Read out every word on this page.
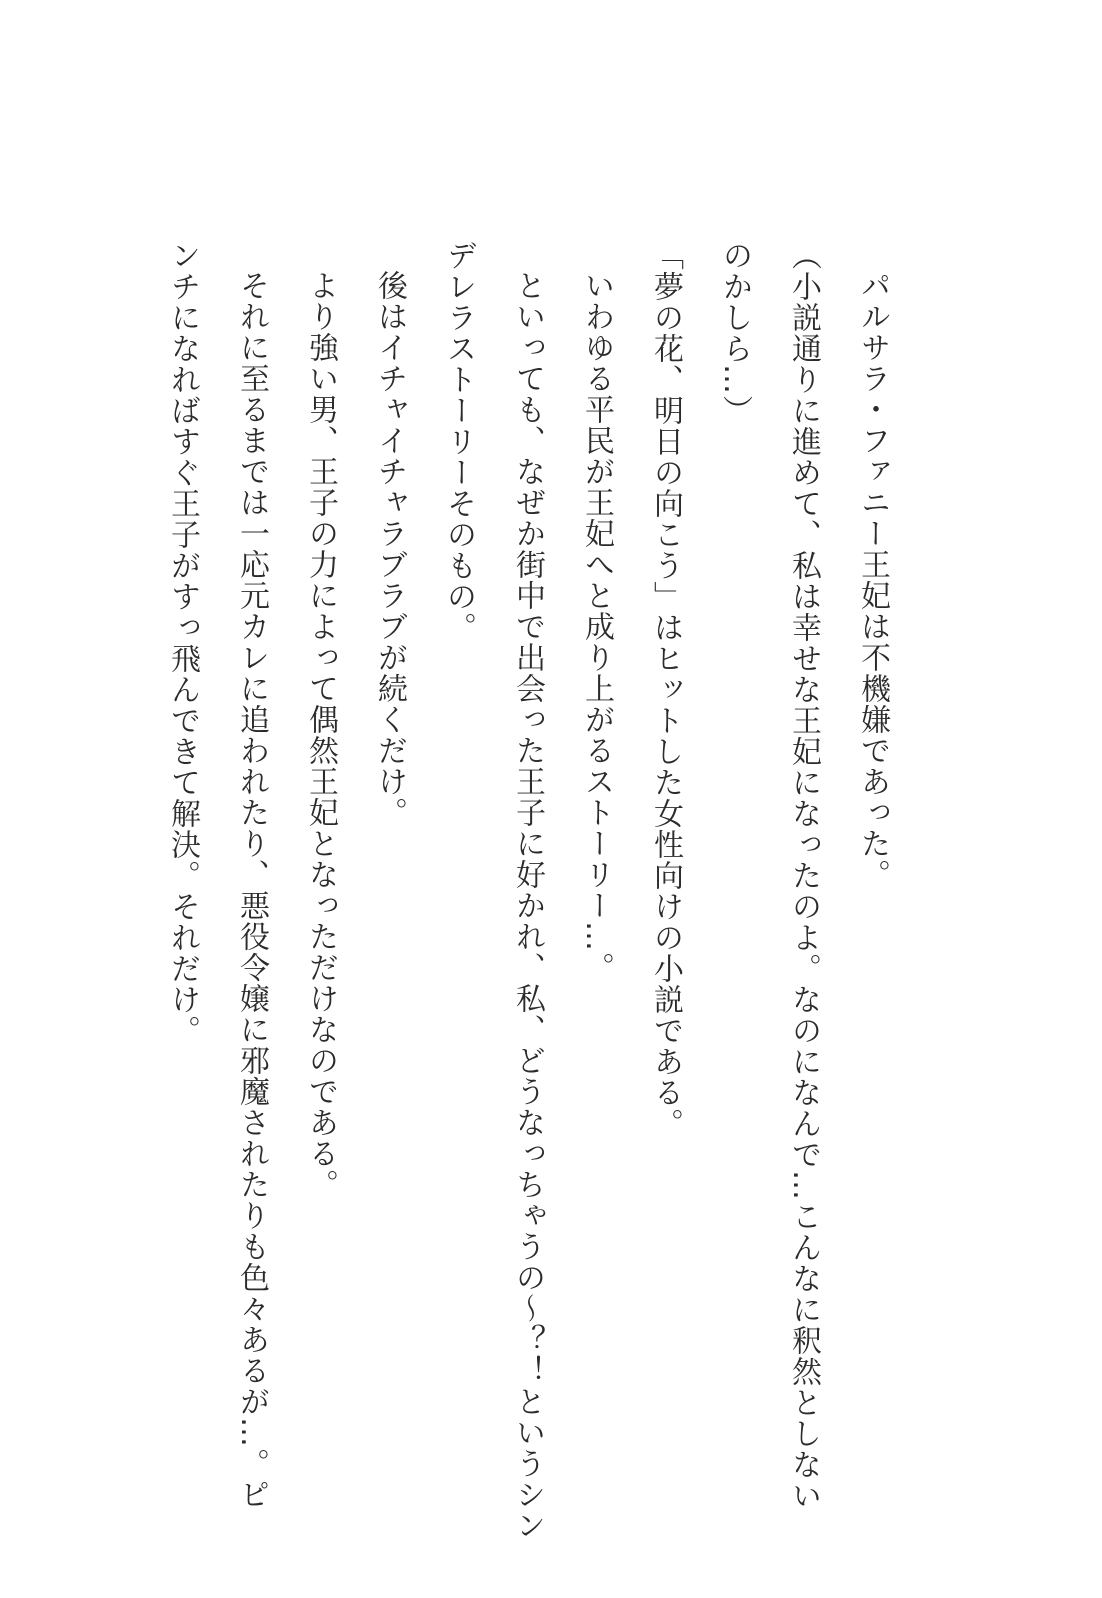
パルサラ・ファニー王妃は不機嫌であった。
（小説通りに進めて、私は幸せな王妃になったのよ。なのになんで…こんなに釈然としない
のかしら…）
「夢の花、明日の向こう」はヒットした女性向けの小説である。
いわゆる平民が王妃へと成り上がるストーリー…。
といっても、なぜか街中で出会った王子に好かれ、私、どうなっちゃうの～？！というシン
デレラストーリーそのもの。
後はイチャイチャラブラブが続くだけ。
より強い男、王子の力によって偶然王妃となっただけなのである。
それに至るまでは一応元カレに追われたり、悪役令嬢に邪魔されたりも色々あるが…。ピ
ンチになればすぐ王子がすっ飛んできて解決。それだけ。
